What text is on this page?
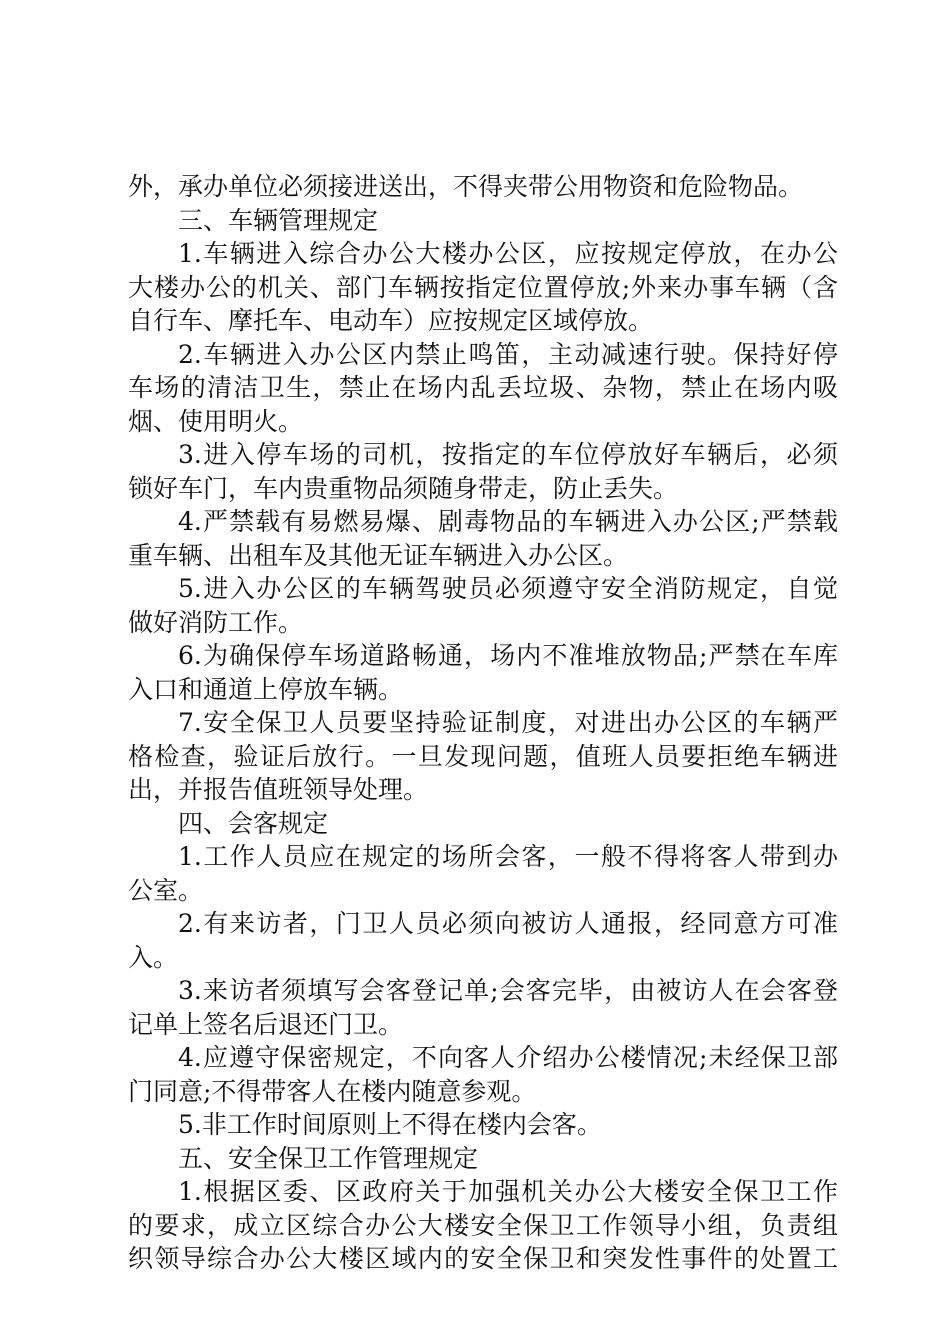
外，承办单位必须接进送出，不得夹带公用物资和危险物品。
三、车辆管理规定
1.车辆进入综合办公大楼办公区，应按规定停放，在办公
大楼办公的机关、部门车辆按指定位置停放;外来办事车辆（含
自行车、摩托车、电动车）应按规定区域停放。
2.车辆进入办公区内禁止鸣笛，主动减速行驶。保持好停
车场的清洁卫生，禁止在场内乱丢垃圾、杂物，禁止在场内吸
烟、使用明火。
3.进入停车场的司机，按指定的车位停放好车辆后，必须
锁好车门，车内贵重物品须随身带走，防止丢失。
4.严禁载有易燃易爆、剧毒物品的车辆进入办公区;严禁载
重车辆、出租车及其他无证车辆进入办公区。
5.进入办公区的车辆驾驶员必须遵守安全消防规定，自觉
做好消防工作。
6.为确保停车场道路畅通，场内不准堆放物品;严禁在车库
入口和通道上停放车辆。
7.安全保卫人员要坚持验证制度，对进出办公区的车辆严
格检查，验证后放行。一旦发现问题，值班人员要拒绝车辆进
出，并报告值班领导处理。
四、会客规定
1.工作人员应在规定的场所会客，一般不得将客人带到办
公室。
2.有来访者，门卫人员必须向被访人通报，经同意方可准
入。
3.来访者须填写会客登记单;会客完毕，由被访人在会客登
记单上签名后退还门卫。
4.应遵守保密规定，不向客人介绍办公楼情况;未经保卫部
门同意;不得带客人在楼内随意参观。
5.非工作时间原则上不得在楼内会客。
五、安全保卫工作管理规定
1.根据区委、区政府关于加强机关办公大楼安全保卫工作
的要求，成立区综合办公大楼安全保卫工作领导小组，负责组
织领导综合办公大楼区域内的安全保卫和突发性事件的处置工
